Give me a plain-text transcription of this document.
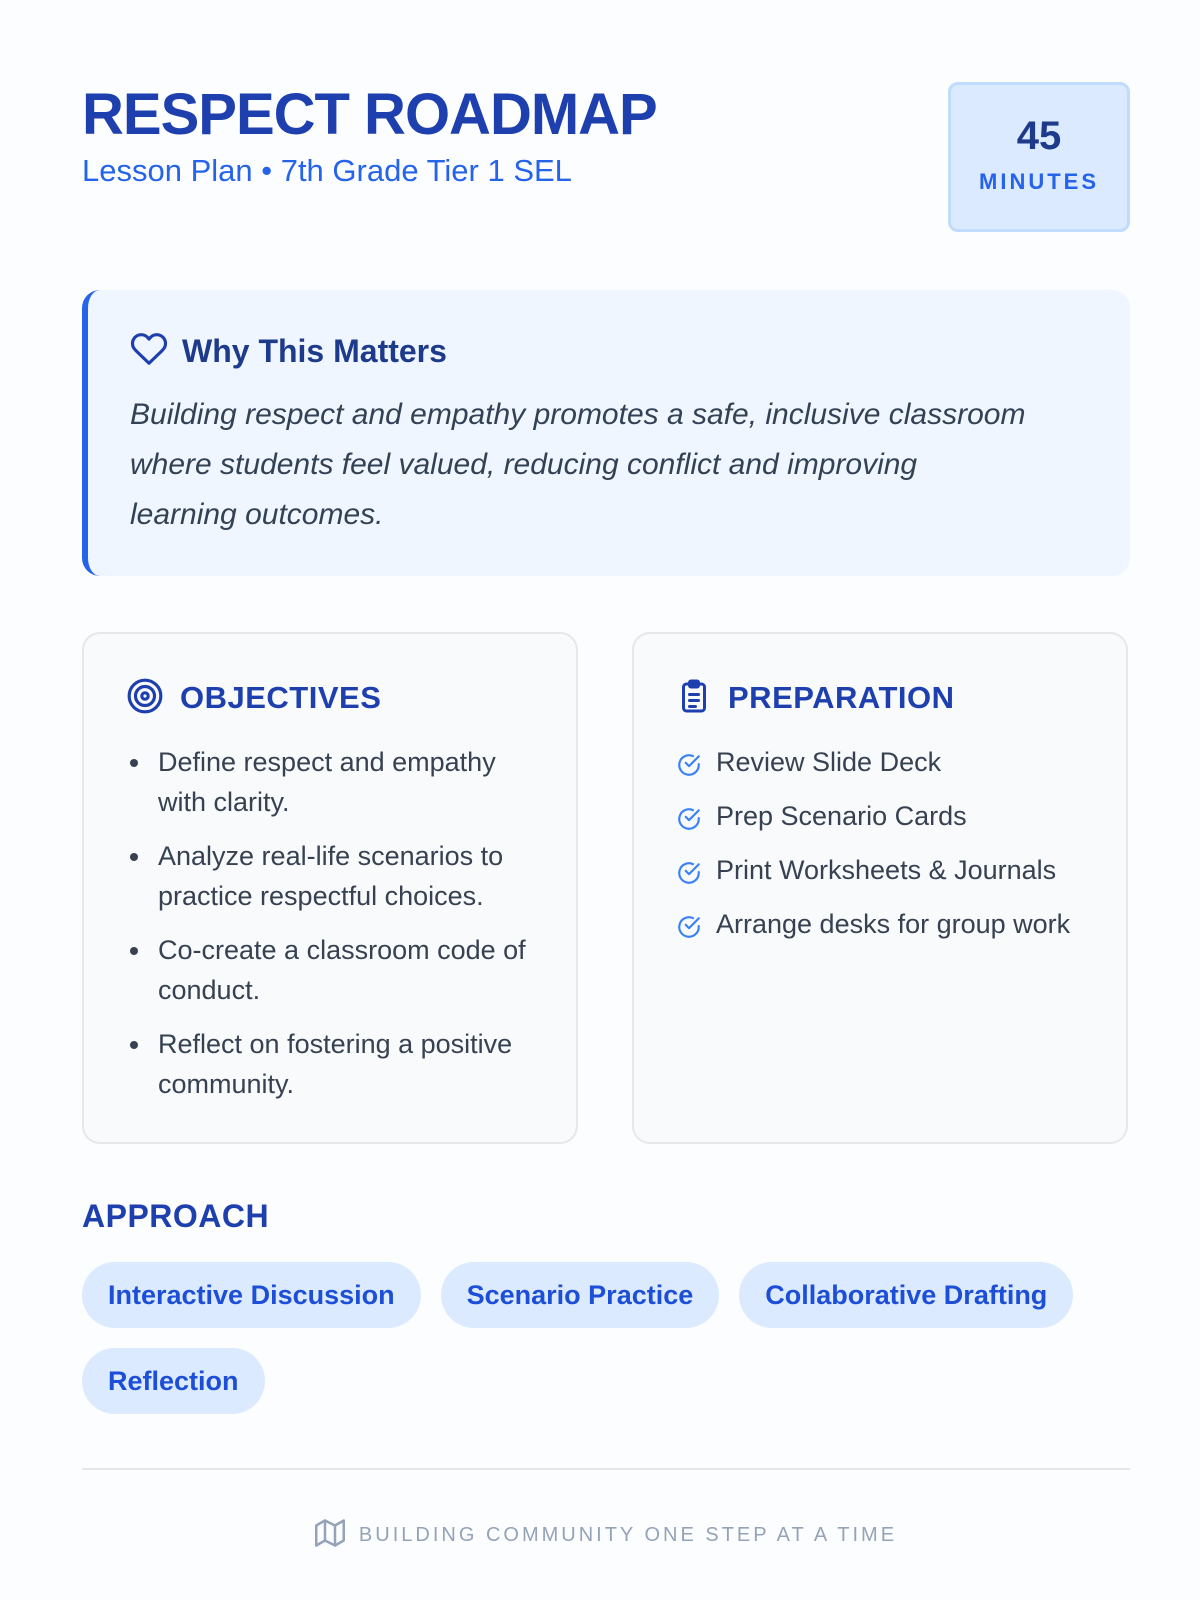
RESPECT ROADMAP
Lesson Plan • 7th Grade Tier 1 SEL
45
MINUTES
Why This Matters
Building respect and empathy promotes a safe, inclusive classroom where students feel valued, reducing conflict and improving learning outcomes.
OBJECTIVES
Define respect and empathy with clarity.
Analyze real-life scenarios to practice respectful choices.
Co-create a classroom code of conduct.
Reflect on fostering a positive community.
PREPARATION
Review Slide Deck
Prep Scenario Cards
Print Worksheets & Journals
Arrange desks for group work
APPROACH
Interactive Discussion	Scenario Practice	Collaborative Drafting
Reflection
BUILDING COMMUNITY ONE STEP AT A TIME
